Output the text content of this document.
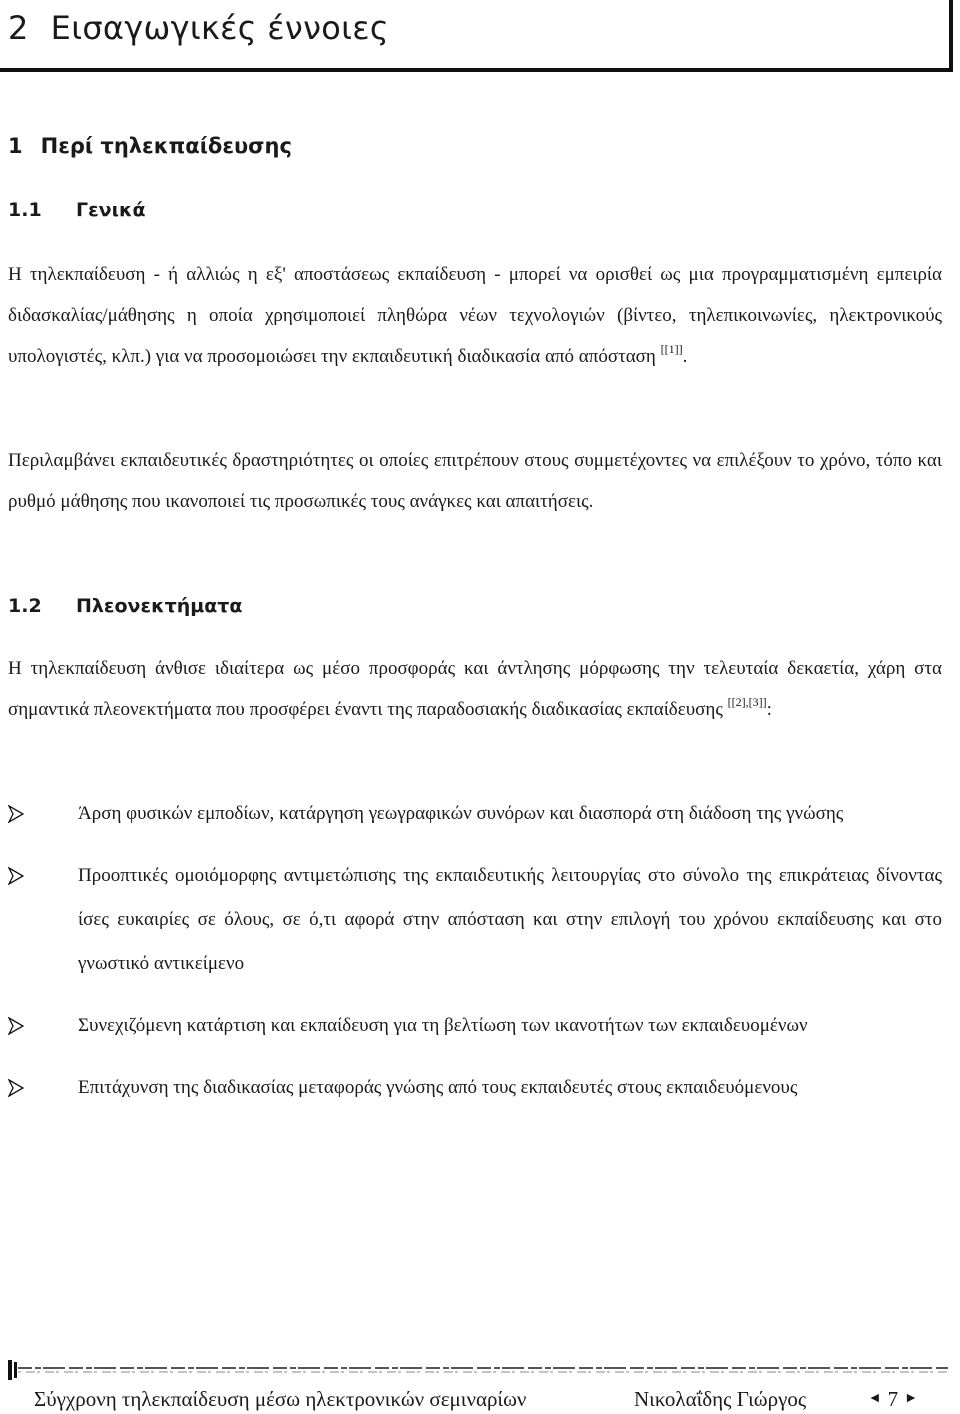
2 Εισαγωγικές έννοιες
1 Περί τηλεκπαίδευσης
1.1 Γενικά

Η τηλεκπαίδευση - ή αλλιώς η εξ' αποστάσεως εκπαίδευση - μπορεί να ορισθεί ως μια προγραμματισμένη εμπειρία διδασκαλίας/μάθησης η οποία χρησιμοποιεί πληθώρα νέων τεχνολογιών (βίντεο, τηλεπικοινωνίες, ηλεκτρονικούς υπολογιστές, κλπ.) για να προσομοιώσει την εκπαιδευτική διαδικασία από απόσταση [[1]].

Περιλαμβάνει εκπαιδευτικές δραστηριότητες οι οποίες επιτρέπουν στους συμμετέχοντες να επιλέξουν το χρόνο, τόπο και ρυθμό μάθησης που ικανοποιεί τις προσωπικές τους ανάγκες και απαιτήσεις.

1.2 Πλεονεκτήματα

Η τηλεκπαίδευση άνθισε ιδιαίτερα ως μέσο προσφοράς και άντλησης μόρφωσης την τελευταία δεκαετία, χάρη στα σημαντικά πλεονεκτήματα που προσφέρει έναντι της παραδοσιακής διαδικασίας εκπαίδευσης [[2],[3]]:

Άρση φυσικών εμποδίων, κατάργηση γεωγραφικών συνόρων και διασπορά στη διάδοση της γνώσης
Προοπτικές ομοιόμορφης αντιμετώπισης της εκπαιδευτικής λειτουργίας στο σύνολο της επικράτειας δίνοντας ίσες ευκαιρίες σε όλους, σε ό,τι αφορά στην απόσταση και στην επιλογή του χρόνου εκπαίδευσης και στο γνωστικό αντικείμενο
Συνεχιζόμενη κατάρτιση και εκπαίδευση για τη βελτίωση των ικανοτήτων των εκπαιδευομένων
Επιτάχυνση της διαδικασίας μεταφοράς γνώσης από τους εκπαιδευτές στους εκπαιδευόμενους
Σύγχρονη τηλεκπαίδευση μέσω ηλεκτρονικών σεμιναρίων	Νικολαΐδης Γιώργος	◄ 7 ►
